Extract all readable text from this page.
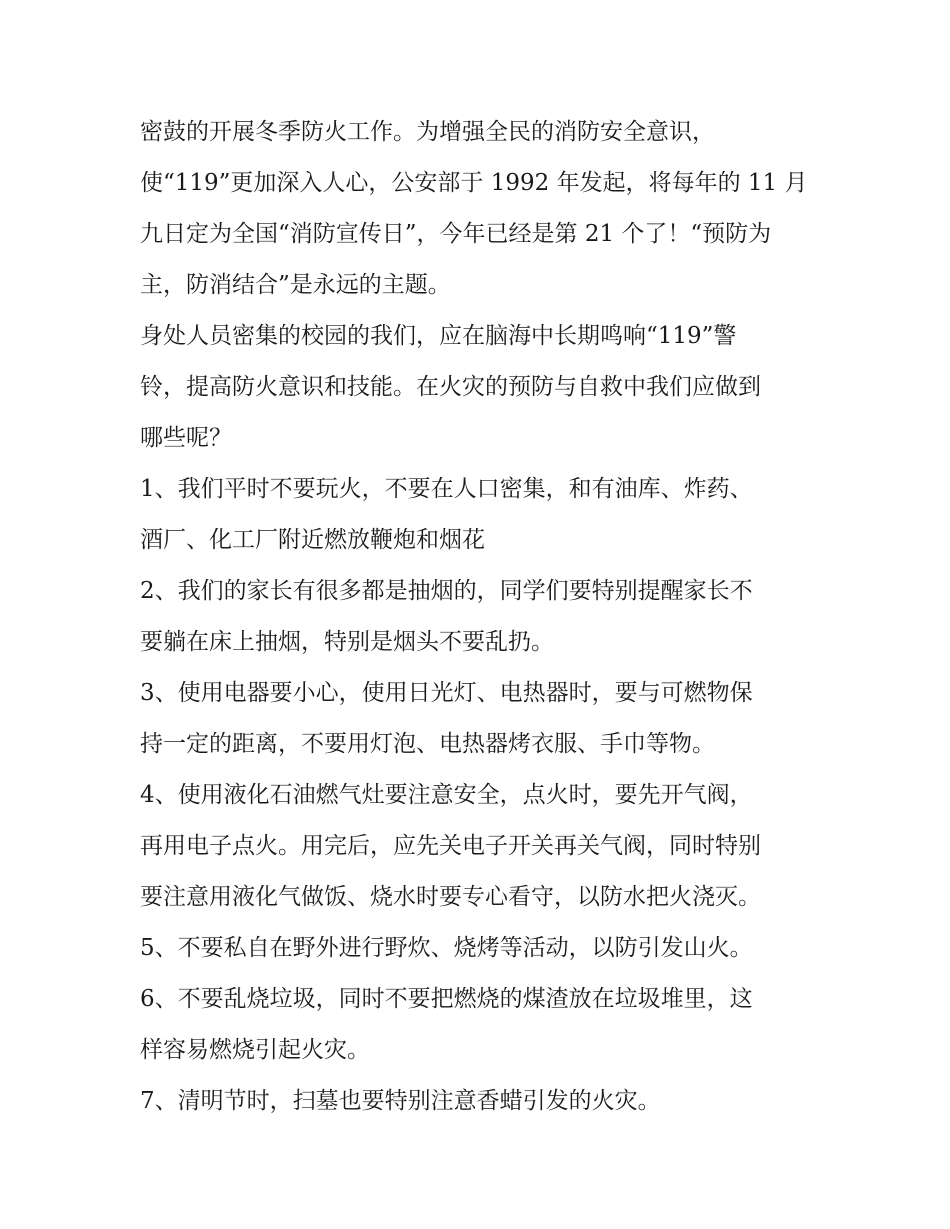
密鼓的开展冬季防火工作。为增强全民的消防安全意识，
使“119”更加深入人心，公安部于 1992 年发起，将每年的 11 月
九日定为全国“消防宣传日”，今年已经是第 21 个了！“预防为
主，防消结合”是永远的主题。
身处人员密集的校园的我们，应在脑海中长期鸣响“119”警
铃，提高防火意识和技能。在火灾的预防与自救中我们应做到
哪些呢？
1、我们平时不要玩火，不要在人口密集，和有油库、炸药、
酒厂、化工厂附近燃放鞭炮和烟花
2、我们的家长有很多都是抽烟的，同学们要特别提醒家长不
要躺在床上抽烟，特别是烟头不要乱扔。
3、使用电器要小心，使用日光灯、电热器时，要与可燃物保
持一定的距离，不要用灯泡、电热器烤衣服、手巾等物。
4、使用液化石油燃气灶要注意安全，点火时，要先开气阀，
再用电子点火。用完后，应先关电子开关再关气阀，同时特别
要注意用液化气做饭、烧水时要专心看守，以防水把火浇灭。
5、不要私自在野外进行野炊、烧烤等活动，以防引发山火。
6、不要乱烧垃圾，同时不要把燃烧的煤渣放在垃圾堆里，这
样容易燃烧引起火灾。
7、清明节时，扫墓也要特别注意香蜡引发的火灾。
